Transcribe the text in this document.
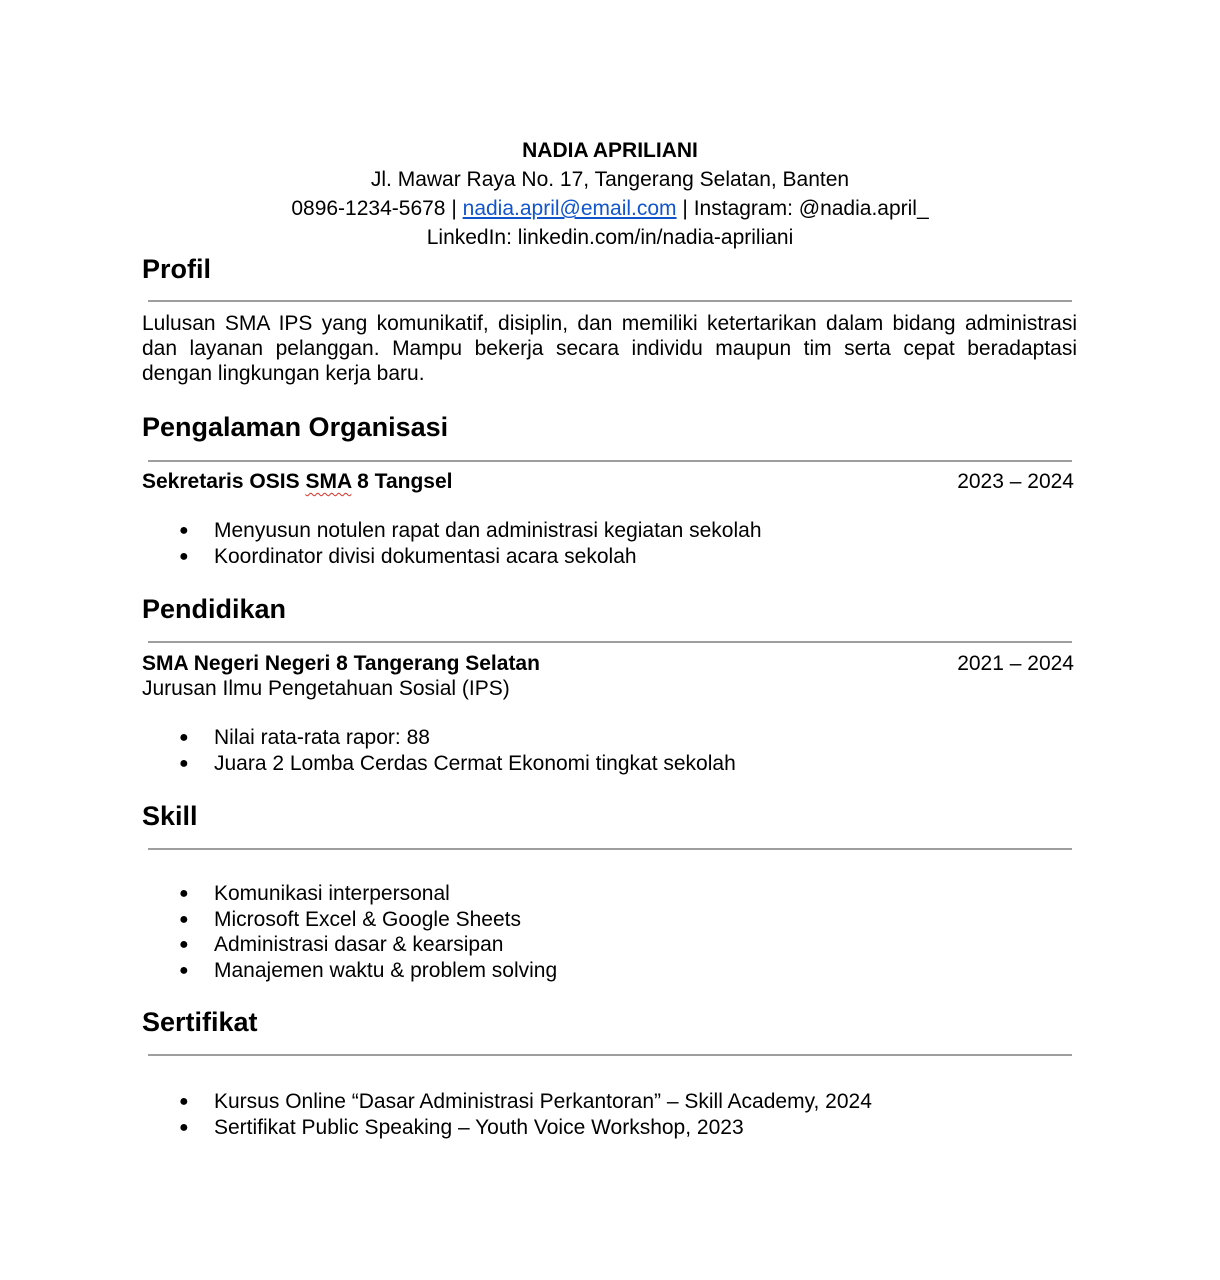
NADIA APRILIANI
Jl. Mawar Raya No. 17, Tangerang Selatan, Banten
0896-1234-5678 | nadia.april@email.com | Instagram: @nadia.april_
LinkedIn: linkedin.com/in/nadia-apriliani
Profil

Lulusan SMA IPS yang komunikatif, disiplin, dan memiliki ketertarikan dalam bidang administrasi dan layanan pelanggan. Mampu bekerja secara individu maupun tim serta cepat beradaptasi dengan lingkungan kerja baru.

Pengalaman Organisasi
Sekretaris OSIS SMA 8 Tangsel	2023 – 2024
● Menyusun notulen rapat dan administrasi kegiatan sekolah
● Koordinator divisi dokumentasi acara sekolah
Pendidikan
SMA Negeri Negeri 8 Tangerang Selatan	2021 – 2024
Jurusan Ilmu Pengetahuan Sosial (IPS)
● Nilai rata-rata rapor: 88
● Juara 2 Lomba Cerdas Cermat Ekonomi tingkat sekolah
Skill
● Komunikasi interpersonal
● Microsoft Excel & Google Sheets
● Administrasi dasar & kearsipan
● Manajemen waktu & problem solving
Sertifikat
● Kursus Online “Dasar Administrasi Perkantoran” – Skill Academy, 2024
● Sertifikat Public Speaking – Youth Voice Workshop, 2023
